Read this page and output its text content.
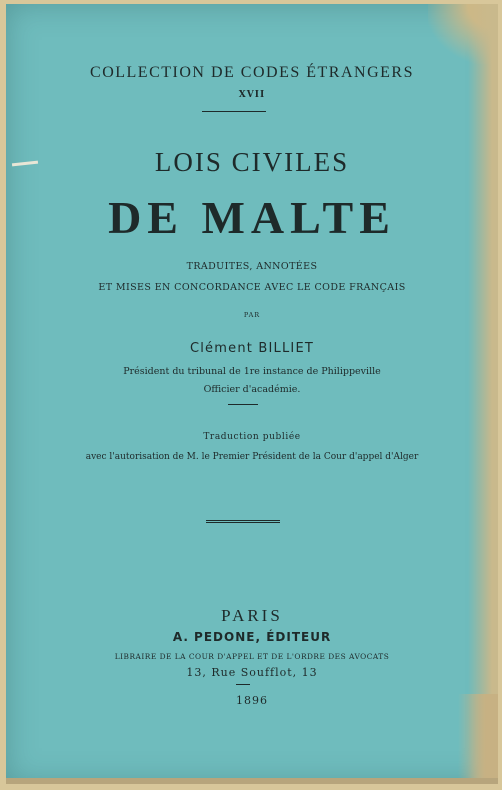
COLLECTION DE CODES ÉTRANGERS
XVII
LOIS CIVILES
DE MALTE
TRADUITES, ANNOTÉES
ET MISES EN CONCORDANCE AVEC LE CODE FRANÇAIS
PAR
Clément BILLIET
Président du tribunal de 1re instance de Philippeville
Officier d'académie.
Traduction publiée
avec l'autorisation de M. le Premier Président de la Cour d'appel d'Alger
PARIS
A. PEDONE, ÉDITEUR
LIBRAIRE DE LA COUR D'APPEL ET DE L'ORDRE DES AVOCATS
13, Rue Soufflot, 13
1896
